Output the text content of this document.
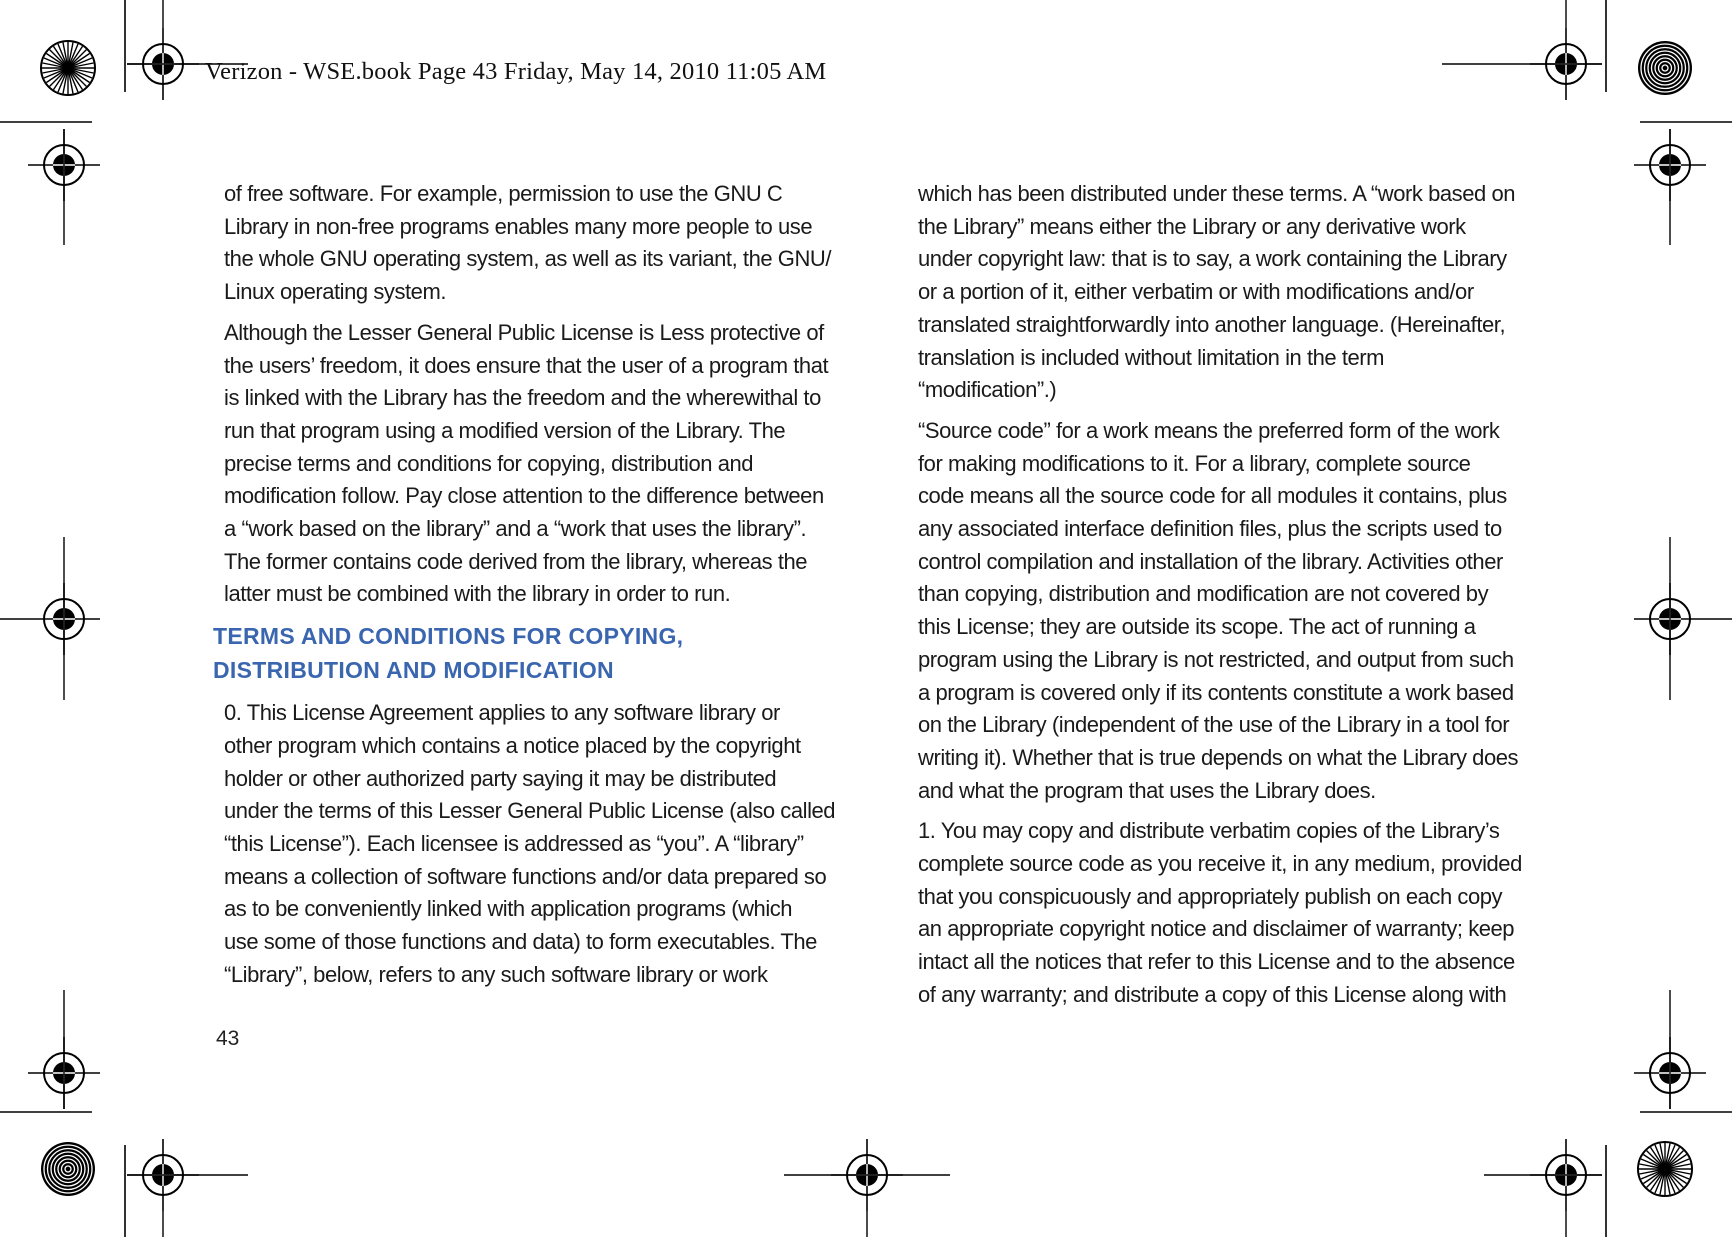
Verizon - WSE.book Page 43 Friday, May 14, 2010 11:05 AM

of free software. For example, permission to use the GNU C
Library in non-free programs enables many more people to use
the whole GNU operating system, as well as its variant, the GNU/
Linux operating system.

Although the Lesser General Public License is Less protective of
the users’ freedom, it does ensure that the user of a program that
is linked with the Library has the freedom and the wherewithal to
run that program using a modified version of the Library. The
precise terms and conditions for copying, distribution and
modification follow. Pay close attention to the difference between
a “work based on the library” and a “work that uses the library”.
The former contains code derived from the library, whereas the
latter must be combined with the library in order to run.

TERMS AND CONDITIONS FOR COPYING,
DISTRIBUTION AND MODIFICATION

0. This License Agreement applies to any software library or
other program which contains a notice placed by the copyright
holder or other authorized party saying it may be distributed
under the terms of this Lesser General Public License (also called
“this License”). Each licensee is addressed as “you”. A “library”
means a collection of software functions and/or data prepared so
as to be conveniently linked with application programs (which
use some of those functions and data) to form executables. The
“Library”, below, refers to any such software library or work

which has been distributed under these terms. A “work based on
the Library” means either the Library or any derivative work
under copyright law: that is to say, a work containing the Library
or a portion of it, either verbatim or with modifications and/or
translated straightforwardly into another language. (Hereinafter,
translation is included without limitation in the term
“modification”.)

“Source code” for a work means the preferred form of the work
for making modifications to it. For a library, complete source
code means all the source code for all modules it contains, plus
any associated interface definition files, plus the scripts used to
control compilation and installation of the library. Activities other
than copying, distribution and modification are not covered by
this License; they are outside its scope. The act of running a
program using the Library is not restricted, and output from such
a program is covered only if its contents constitute a work based
on the Library (independent of the use of the Library in a tool for
writing it). Whether that is true depends on what the Library does
and what the program that uses the Library does.

1. You may copy and distribute verbatim copies of the Library’s
complete source code as you receive it, in any medium, provided
that you conspicuously and appropriately publish on each copy
an appropriate copyright notice and disclaimer of warranty; keep
intact all the notices that refer to this License and to the absence
of any warranty; and distribute a copy of this License along with

43
